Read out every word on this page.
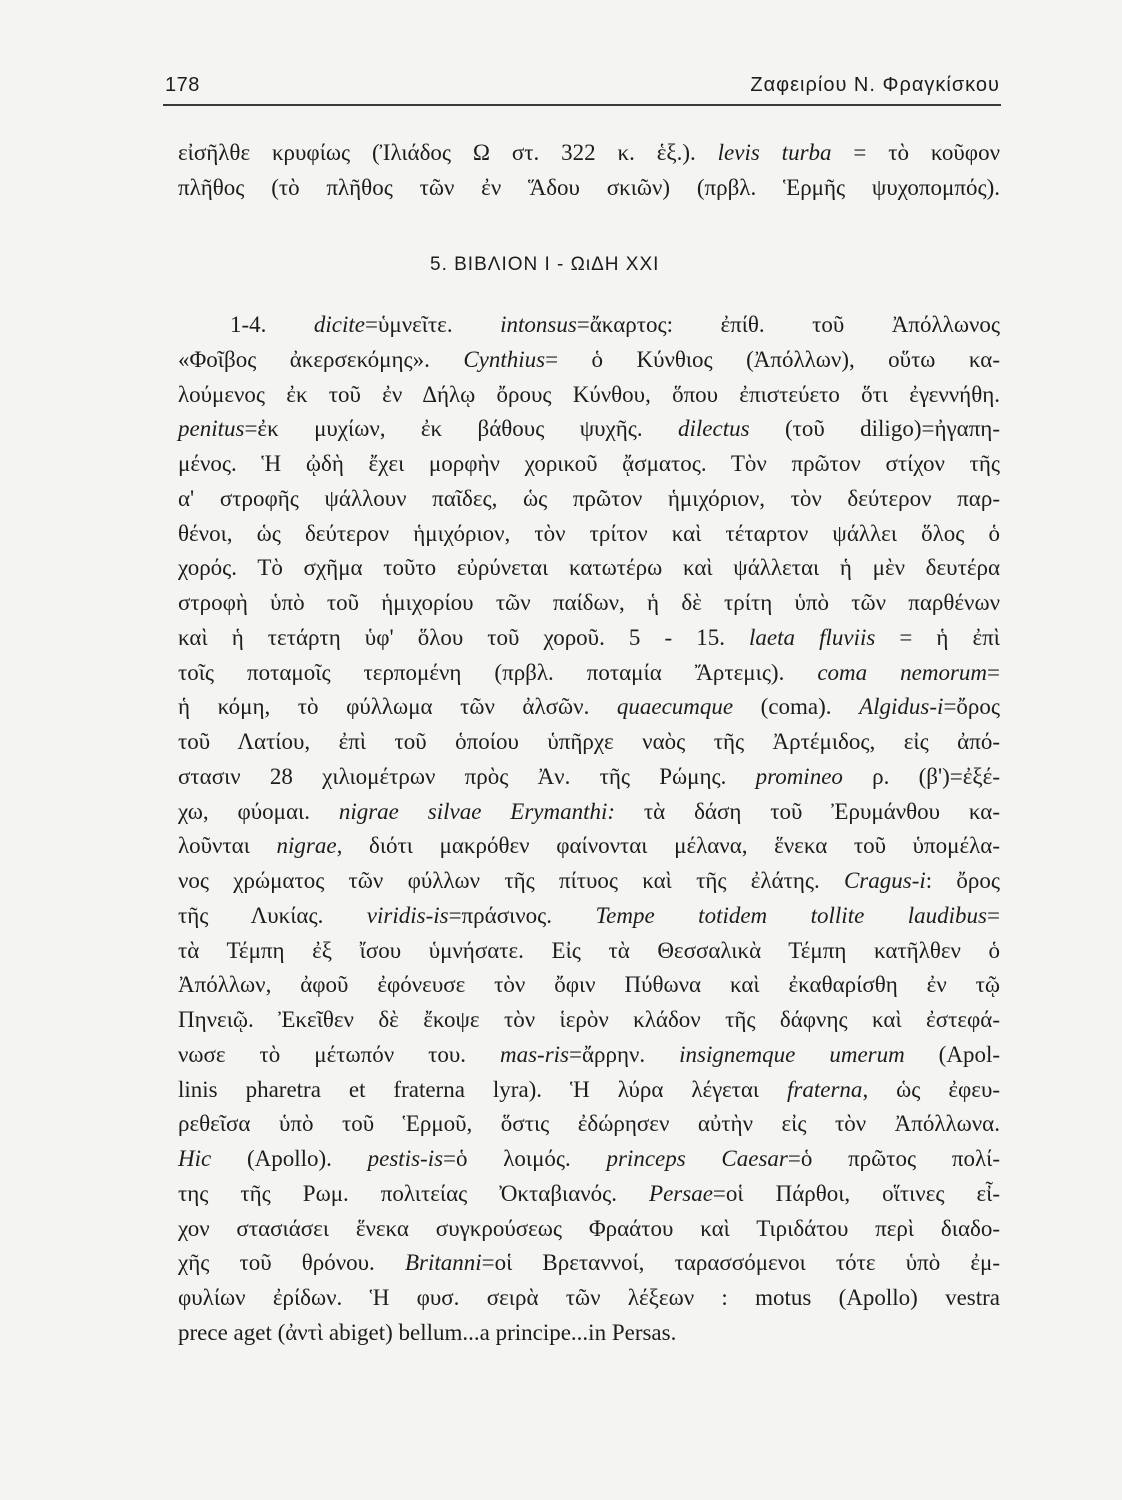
178	Ζαφειρίου Ν. Φραγκίσκου
εἰσῆλθε κρυφίως (Ἰλιάδος Ω στ. 322 κ. ἑξ.). levis turba = τὸ κοῦφον
πλῆθος (τὸ πλῆθος τῶν ἐν Ἅδου σκιῶν) (πρβλ. Ἑρμῆς ψυχοπομπός).
5. ΒΙΒΛΙΟΝ Ι - ΩιΔΗ XXI
1-4. dicite=ὑμνεῖτε. intonsus=ἄκαρτος: ἐπίθ. τοῦ Ἀπόλλωνος
«Φοῖβος ἀκερσεκόμης». Cynthius= ὁ Κύνθιος (Ἀπόλλων), οὕτω κα-
λούμενος ἐκ τοῦ ἐν Δήλῳ ὄρους Κύνθου, ὅπου ἐπιστεύετο ὅτι ἐγεννήθη.
penitus=ἐκ μυχίων, ἐκ βάθους ψυχῆς. dilectus (τοῦ diligo)=ἠγαπη-
μένος. Ἡ ᾠδὴ ἔχει μορφὴν χορικοῦ ᾄσματος. Τὸν πρῶτον στίχον τῆς
α' στροφῆς ψάλλουν παῖδες, ὡς πρῶτον ἡμιχόριον, τὸν δεύτερον παρ-
θένοι, ὡς δεύτερον ἡμιχόριον, τὸν τρίτον καὶ τέταρτον ψάλλει ὅλος ὁ
χορός. Τὸ σχῆμα τοῦτο εὐρύνεται κατωτέρω καὶ ψάλλεται ἡ μὲν δευτέρα
στροφὴ ὑπὸ τοῦ ἡμιχορίου τῶν παίδων, ἡ δὲ τρίτη ὑπὸ τῶν παρθένων
καὶ ἡ τετάρτη ὑφ' ὅλου τοῦ χοροῦ. 5 - 15. laeta fluviis = ἡ ἐπὶ
τοῖς ποταμοῖς τερπομένη (πρβλ. ποταμία Ἄρτεμις). coma nemorum=
ἡ κόμη, τὸ φύλλωμα τῶν ἀλσῶν. quaecumque (coma). Algidus-i=ὄρος
τοῦ Λατίου, ἐπὶ τοῦ ὁποίου ὑπῆρχε ναὸς τῆς Ἀρτέμιδος, εἰς ἀπό-
στασιν 28 χιλιομέτρων πρὸς Ἀν. τῆς Ρώμης. promineo ρ. (β')=ἐξέ-
χω, φύομαι. nigrae silvae Erymanthi: τὰ δάση τοῦ Ἐρυμάνθου κα-
λοῦνται nigrae, διότι μακρόθεν φαίνονται μέλανα, ἕνεκα τοῦ ὑπομέλα-
νος χρώματος τῶν φύλλων τῆς πίτυος καὶ τῆς ἐλάτης. Cragus-i: ὄρος
τῆς Λυκίας. viridis-is=πράσινος. Tempe totidem tollite laudibus=
τὰ Τέμπη ἐξ ἴσου ὑμνήσατε. Εἰς τὰ Θεσσαλικὰ Τέμπη κατῆλθεν ὁ
Ἀπόλλων, ἀφοῦ ἐφόνευσε τὸν ὄφιν Πύθωνα καὶ ἐκαθαρίσθη ἐν τῷ
Πηνειῷ. Ἐκεῖθεν δὲ ἔκοψε τὸν ἱερὸν κλάδον τῆς δάφνης καὶ ἐστεφά-
νωσε τὸ μέτωπόν του. mas-ris=ἄρρην. insignemque umerum (Apol-
linis pharetra et fraterna lyra). Ἡ λύρα λέγεται fraterna, ὡς ἐφευ-
ρεθεῖσα ὑπὸ τοῦ Ἑρμοῦ, ὅστις ἐδώρησεν αὐτὴν εἰς τὸν Ἀπόλλωνα.
Hic (Apollo). pestis-is=ὁ λοιμός. princeps Caesar=ὁ πρῶτος πολί-
της τῆς Ρωμ. πολιτείας Ὀκταβιανός. Persae=οἱ Πάρθοι, οἵτινες εἶ-
χον στασιάσει ἕνεκα συγκρούσεως Φραάτου καὶ Τιριδάτου περὶ διαδο-
χῆς τοῦ θρόνου. Britanni=οἱ Βρεταννοί, ταρασσόμενοι τότε ὑπὸ ἐμ-
φυλίων ἐρίδων. Ἡ φυσ. σειρὰ τῶν λέξεων : motus (Apollo) vestra
prece aget (ἀντὶ abiget) bellum...a principe...in Persas.
